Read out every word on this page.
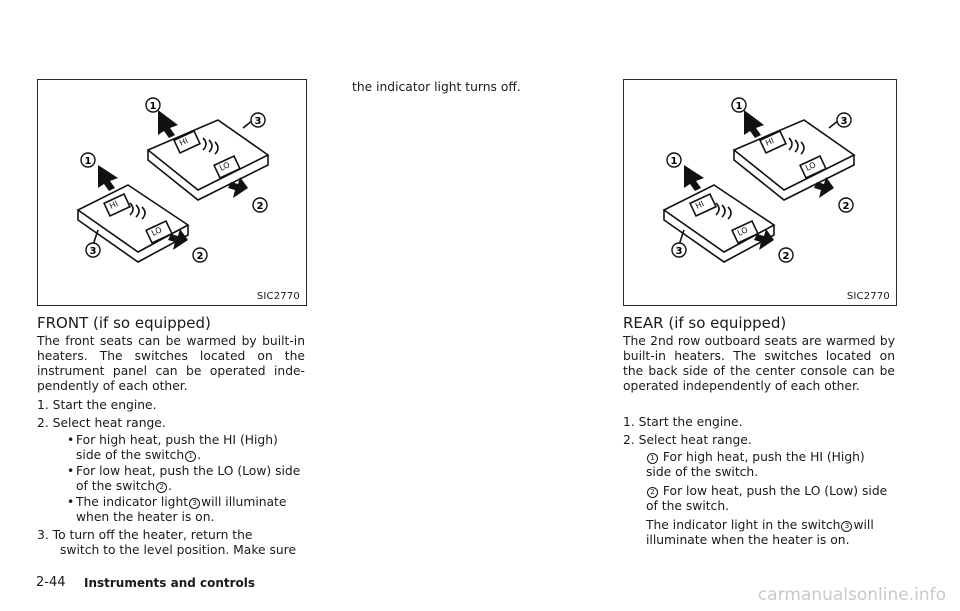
1
1
3
3
2
2
HI
LO
HI
LO
SIC2770
FRONT (if so equipped)

The front seats can be warmed by built-in heaters. The switches located on the instrument panel can be operated inde-pendently of each other.

1. Start the engine.
2. Select heat range.
• For high heat, push the HI (High)
side of the switch 1 .
• For low heat, push the LO (Low) side
of the switch 2 .
• The indicator light 3 will illuminate
when the heater is on.
3. To turn off the heater, return the
switch to the level position. Make sure
the indicator light turns off.
1
1
3
3
2
2
HI
LO
HI
LO
SIC2770
REAR (if so equipped)

The 2nd row outboard seats are warmed by built-in heaters. The switches located on the back side of the center console can be operated independently of each other.

1. Start the engine.
2. Select heat range.
1 For high heat, push the HI (High)
side of the switch.
2 For low heat, push the LO (Low) side
of the switch.
The indicator light in the switch 3 will
illuminate when the heater is on.
2-44 Instruments and controls
carmanualsonline.info
